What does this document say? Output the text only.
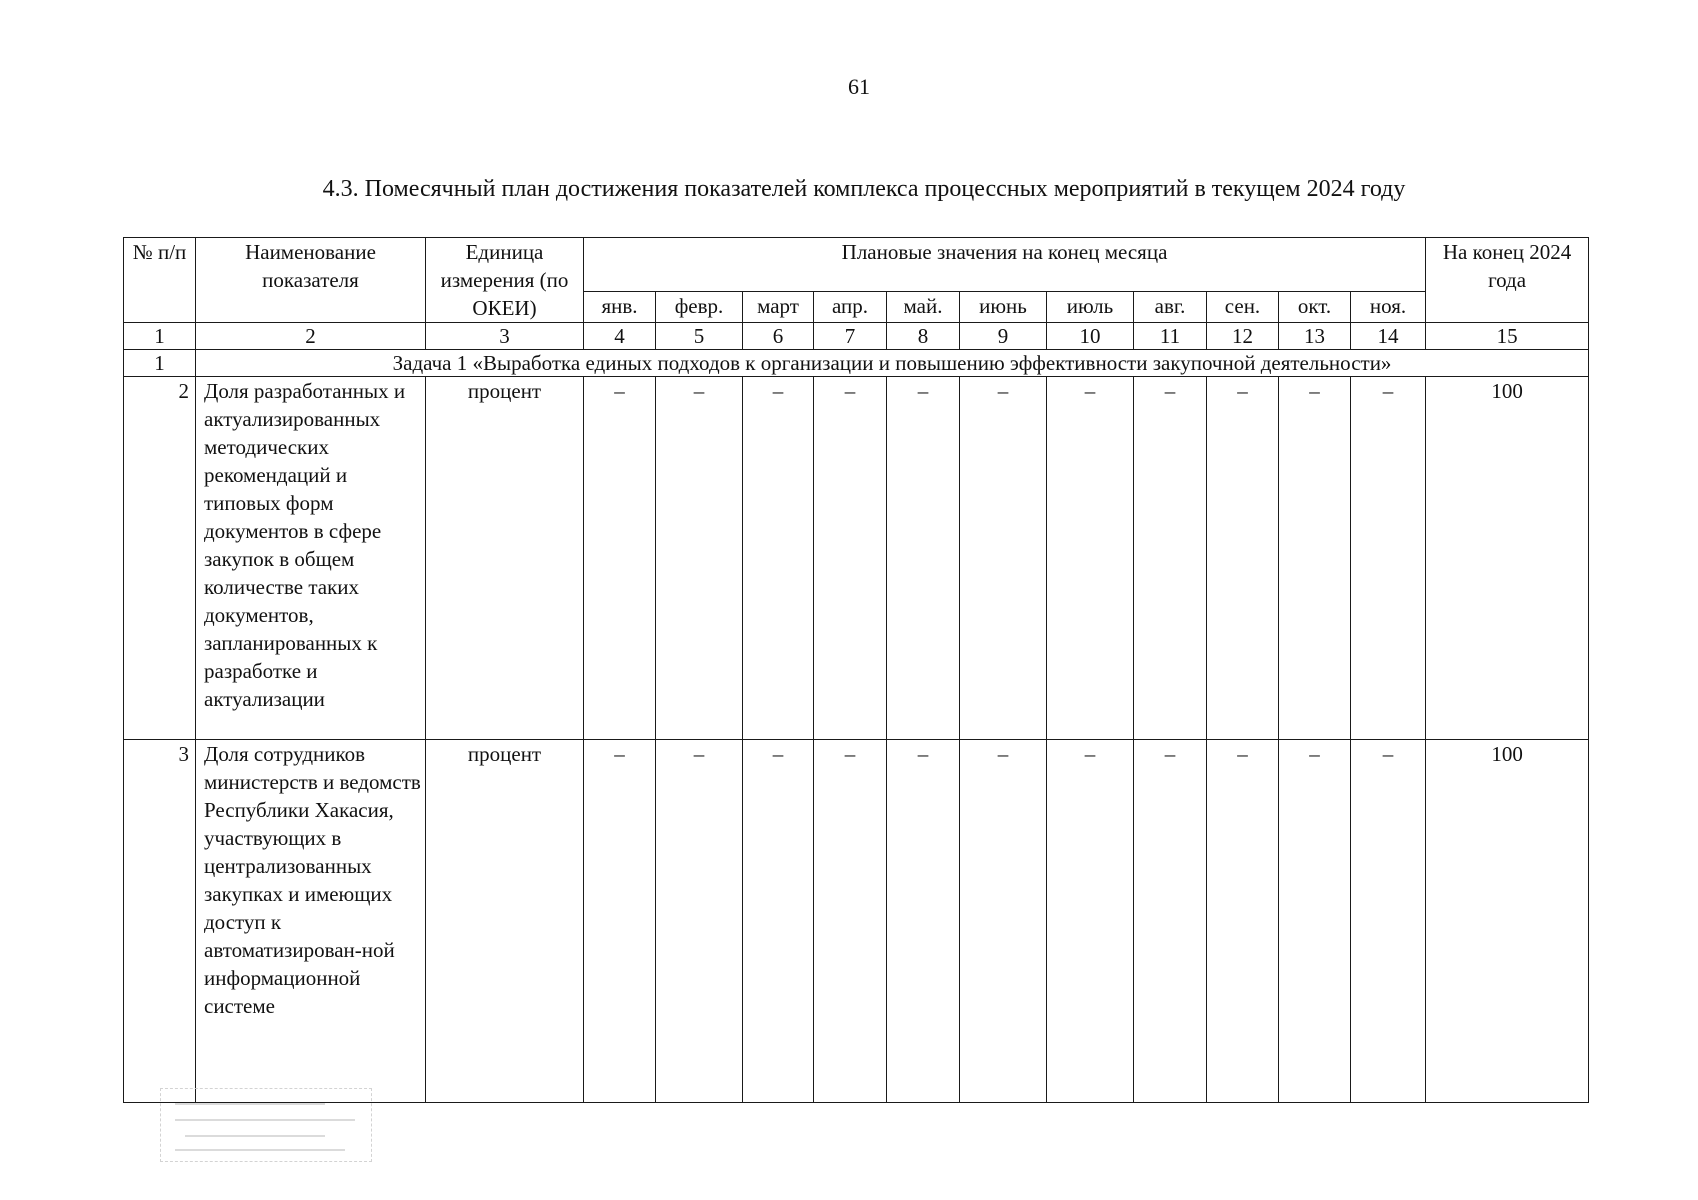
61
4.3. Помесячный план достижения показателей комплекса процессных мероприятий в текущем 2024 году
№ п/п	Наименование показателя	Единица измерения (по ОКЕИ)	Плановые значения на конец месяца											На конец 2024 года
			янв.	февр.	март	апр.	май.	июнь	июль	авг.	сен.	окт.	ноя.	
1	2	3	4	5	6	7	8	9	10	11	12	13	14	15
1	Задача 1 «Выработка единых подходов к организации и повышению эффективности закупочной деятельности»													
2	Доля разработанных и актуализированных методических рекомендаций и типовых форм документов в сфере закупок в общем количестве таких документов, запланированных к разработке и актуализации	процент	–	–	–	–	–	–	–	–	–	–	–	100
3	Доля сотрудников министерств и ведомств Республики Хакасия, участвующих в централизованных закупках и имеющих доступ к автоматизирован-ной информационной системе	процент	–	–	–	–	–	–	–	–	–	–	–	100
